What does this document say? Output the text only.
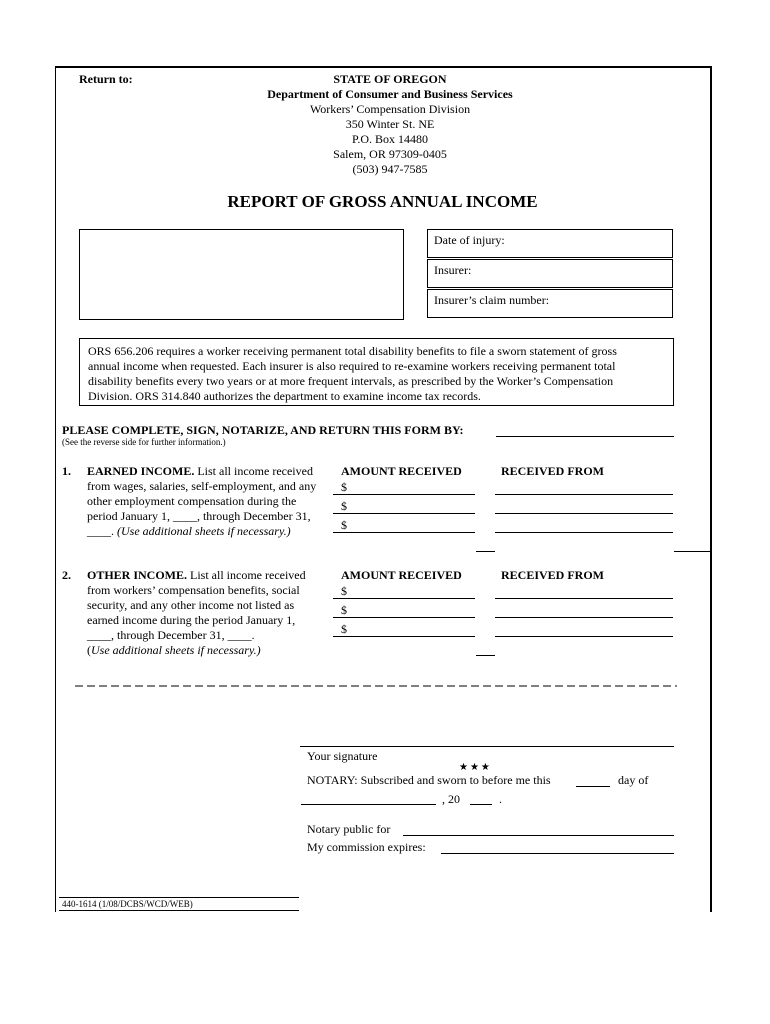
Return to:	STATE OF OREGON
Department of Consumer and Business Services
Workers’ Compensation Division
350 Winter St. NE
P.O. Box 14480
Salem, OR 97309-0405
(503) 947-7585
REPORT OF GROSS ANNUAL INCOME
Date of injury:
Insurer:
Insurer’s claim number:
ORS 656.206 requires a worker receiving permanent total disability benefits to file a sworn statement of gross
annual income when requested. Each insurer is also required to re-examine workers receiving permanent total
disability benefits every two years or at more frequent intervals, as prescribed by the Worker’s Compensation
Division. ORS 314.840 authorizes the department to examine income tax records.
PLEASE COMPLETE, SIGN, NOTARIZE, AND RETURN THIS FORM BY:
(See the reverse side for further information.)
1. EARNED INCOME. List all income received
from wages, salaries, self-employment, and any
other employment compensation during the
period January 1, ____, through December 31,
____. (Use additional sheets if necessary.)
AMOUNT RECEIVED	RECEIVED FROM
$
$
$
2. OTHER INCOME. List all income received
from workers’ compensation benefits, social
security, and any other income not listed as
earned income during the period January 1,
____, through December 31, ____.
(Use additional sheets if necessary.)
AMOUNT RECEIVED	RECEIVED FROM
$
$
$
Your signature
★★★
NOTARY: Subscribed and sworn to before me this	day of
, 20	.
Notary public for
My commission expires:
440-1614 (1/08/DCBS/WCD/WEB)
